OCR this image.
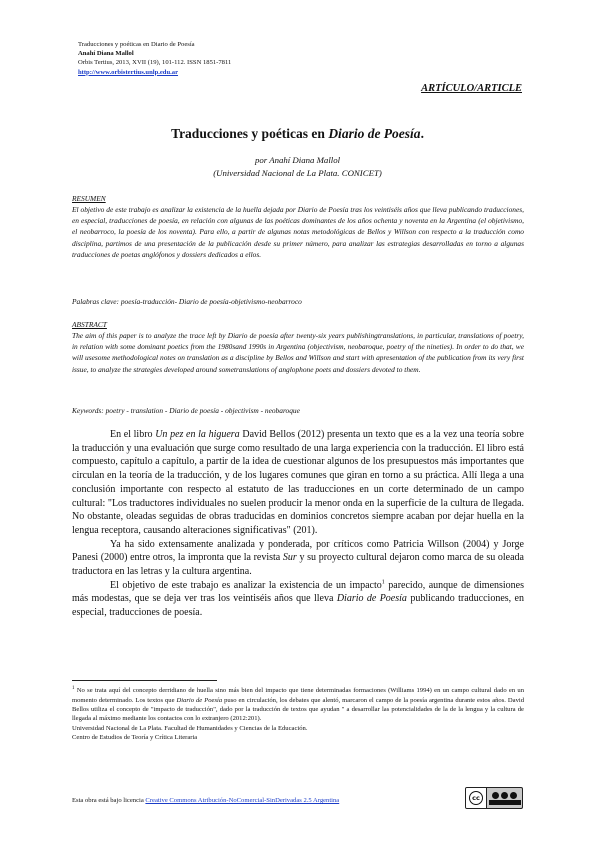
Traducciones y poéticas en Diario de Poesía
Anahí Diana Mallol
Orbis Tertius, 2013, XVII (19), 101-112. ISSN 1851-7811
http://www.orbistertius.unlp.edu.ar
ARTÍCULO/ARTICLE
Traducciones y poéticas en Diario de Poesía.
por Anahí Diana Mallol
(Universidad Nacional de La Plata. CONICET)
RESUMEN
El objetivo de este trabajo es analizar la existencia de la huella dejada por Diario de Poesía tras los veintiséis años que lleva publicando traducciones, en especial, traducciones de poesía, en relación con algunas de las poéticas dominantes de los años ochenta y noventa en la Argentina (el objetivismo, el neobarroco, la poesía de los noventa). Para ello, a partir de algunas notas metodológicas de Bellos y Willson con respecto a la traducción como disciplina, partimos de una presentación de la publicación desde su primer número, para analizar las estrategias desarrolladas en torno a algunas traducciones de poetas anglófonos y dossiers dedicados a ellos.
Palabras clave: poesía-traducción- Diario de poesía-objetivismo-neobarroco
ABSTRACT
The aim of this paper is to analyze the trace left by Diario de poesía after twenty-six years publishingtranslations, in particular, translations of poetry, in relation with some dominant poetics from the 1980sand 1990s in Argentina (objectivism, neobaroque, poetry of the nineties). In order to do that, we will usesome methodological notes on translation as a discipline by Bellos and Willson and start with apresentation of the publication from its very first issue, to analyze the strategies developed around sometranslations of anglophone poets and dossiers devoted to them.
Keywords: poetry - translation - Diario de poesía - objectivism - neobaroque

En el libro Un pez en la higuera David Bellos (2012) presenta un texto que es a la vez una teoría sobre la traducción y una evaluación que surge como resultado de una larga experiencia con la traducción. El libro está compuesto, capítulo a capítulo, a partir de la idea de cuestionar algunos de los presupuestos más importantes que circulan en la teoría de la traducción, y de los lugares comunes que giran en torno a su práctica. Allí llega a una conclusión importante con respecto al estatuto de las traducciones en un corte determinado de un campo cultural: "Los traductores individuales no suelen producir la menor onda en la superficie de la cultura de llegada. No obstante, oleadas seguidas de obras traducidas en dominios concretos siempre acaban por dejar huella en la lengua receptora, causando alteraciones significativas" (201).

Ya ha sido extensamente analizada y ponderada, por críticos como Patricia Willson (2004) y Jorge Panesi (2000) entre otros, la impronta que la revista Sur y su proyecto cultural dejaron como marca de su oleada traductora en las letras y la cultura argentina.

El objetivo de este trabajo es analizar la existencia de un impacto$^1$ parecido, aunque de dimensiones más modestas, que se deja ver tras los veintiséis años que lleva Diario de Poesía publicando traducciones, en especial, traducciones de poesía.

$^1$ No se trata aquí del concepto derridiano de huella sino más bien del impacto que tiene determinadas formaciones (Williams 1994) en un campo cultural dado en un momento determinado. Los textos que Diario de Poesía puso en circulación, los debates que alentó, marcaron el campo de la poesía argentina durante estos años. David Bellos utiliza el concepto de "impacto de traducción", dado por la traducción de textos que ayudan " a desarrollar las potencialidades de la de la lengua y la cultura de llegada al máximo mediante los contactos con lo extranjero (2012:201).

Universidad Nacional de La Plata. Facultad de Humanidades y Ciencias de la Educación.

Centro de Estudios de Teoría y Crítica Literaria

Esta obra está bajo licencia Creative Commons Atribución-NoComercial-SinDerivadas 2.5 Argentina	cc
